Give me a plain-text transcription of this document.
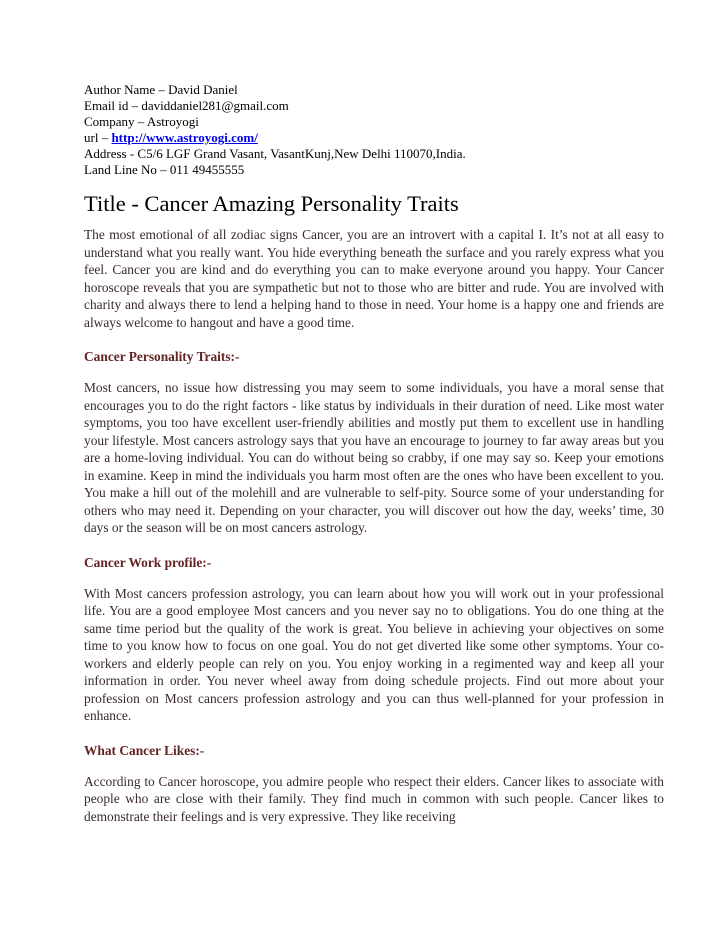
Author Name – David Daniel

Email id – daviddaniel281@gmail.com

Company – Astroyogi

url – http://www.astroyogi.com/

Address - C5/6 LGF Grand Vasant, VasantKunj,New Delhi 110070,India.

Land Line No – 011 49455555

Title - Cancer Amazing Personality Traits

The most emotional of all zodiac signs Cancer, you are an introvert with a capital I. It’s not at all easy to understand what you really want. You hide everything beneath the surface and you rarely express what you feel. Cancer you are kind and do everything you can to make everyone around you happy. Your Cancer horoscope reveals that you are sympathetic but not to those who are bitter and rude. You are involved with charity and always there to lend a helping hand to those in need. Your home is a happy one and friends are always welcome to hangout and have a good time.

Cancer Personality Traits:-

Most cancers, no issue how distressing you may seem to some individuals, you have a moral sense that encourages you to do the right factors - like status by individuals in their duration of need. Like most water symptoms, you too have excellent user-friendly abilities and mostly put them to excellent use in handling your lifestyle. Most cancers astrology says that you have an encourage to journey to far away areas but you are a home-loving individual. You can do without being so crabby, if one may say so. Keep your emotions in examine. Keep in mind the individuals you harm most often are the ones who have been excellent to you. You make a hill out of the molehill and are vulnerable to self-pity. Source some of your understanding for others who may need it. Depending on your character, you will discover out how the day, weeks’ time, 30 days or the season will be on most cancers astrology.

Cancer Work profile:-

With Most cancers profession astrology, you can learn about how you will work out in your professional life. You are a good employee Most cancers and you never say no to obligations. You do one thing at the same time period but the quality of the work is great. You believe in achieving your objectives on some time to you know how to focus on one goal. You do not get diverted like some other symptoms. Your co-workers and elderly people can rely on you. You enjoy working in a regimented way and keep all your information in order. You never wheel away from doing schedule projects. Find out more about your profession on Most cancers profession astrology and you can thus well-planned for your profession in enhance.

What Cancer Likes:-

According to Cancer horoscope, you admire people who respect their elders. Cancer likes to associate with people who are close with their family. They find much in common with such people. Cancer likes to demonstrate their feelings and is very expressive. They like receiving
